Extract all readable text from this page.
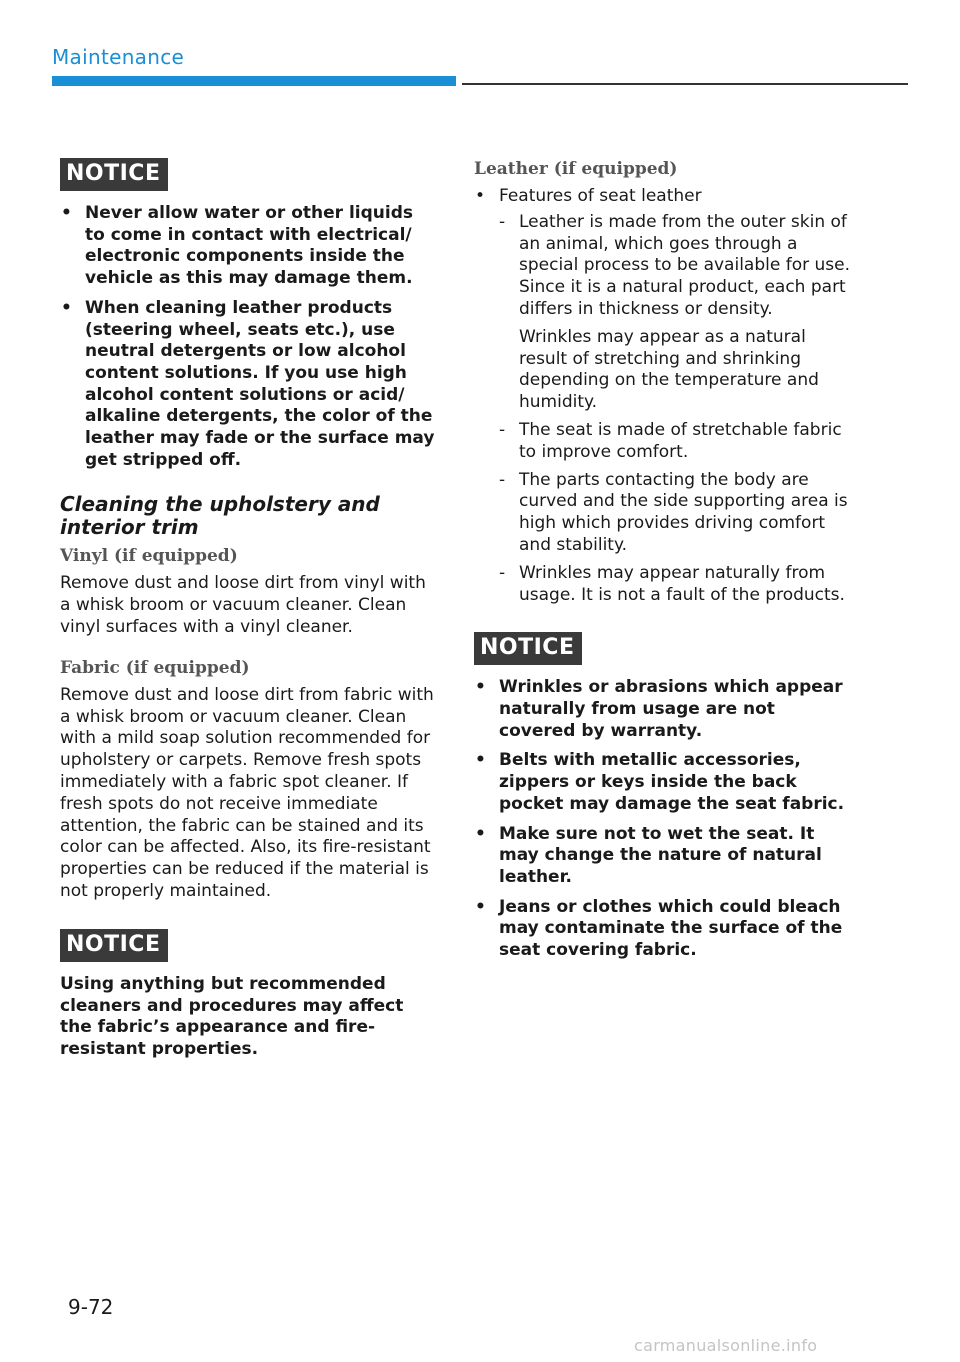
Maintenance
NOTICE
• Never allow water or other liquids to come in contact with electrical/ electronic components inside the vehicle as this may damage them.
• When cleaning leather products (steering wheel, seats etc.), use neutral detergents or low alcohol content solutions. If you use high alcohol content solutions or acid/ alkaline detergents, the color of the leather may fade or the surface may get stripped off.
Cleaning the upholstery and interior trim
Vinyl (if equipped)

Remove dust and loose dirt from vinyl with a whisk broom or vacuum cleaner. Clean vinyl surfaces with a vinyl cleaner.

Fabric (if equipped)

Remove dust and loose dirt from fabric with a whisk broom or vacuum cleaner. Clean with a mild soap solution recommended for upholstery or carpets. Remove fresh spots immediately with a fabric spot cleaner. If fresh spots do not receive immediate attention, the fabric can be stained and its color can be affected. Also, its fire-resistant properties can be reduced if the material is not properly maintained.

NOTICE

Using anything but recommended cleaners and procedures may affect the fabric’s appearance and fire-resistant properties.

Leather (if equipped)
• Features of seat leather
- Leather is made from the outer skin of an animal, which goes through a special process to be available for use. Since it is a natural product, each part differs in thickness or density.

Wrinkles may appear as a natural result of stretching and shrinking depending on the temperature and humidity.

- The seat is made of stretchable fabric to improve comfort.
- The parts contacting the body are curved and the side supporting area is high which provides driving comfort and stability.
- Wrinkles may appear naturally from usage. It is not a fault of the products.
NOTICE
• Wrinkles or abrasions which appear naturally from usage are not covered by warranty.
• Belts with metallic accessories, zippers or keys inside the back pocket may damage the seat fabric.
• Make sure not to wet the seat. It may change the nature of natural leather.
• Jeans or clothes which could bleach may contaminate the surface of the seat covering fabric.
9-72
carmanualsonline.info
